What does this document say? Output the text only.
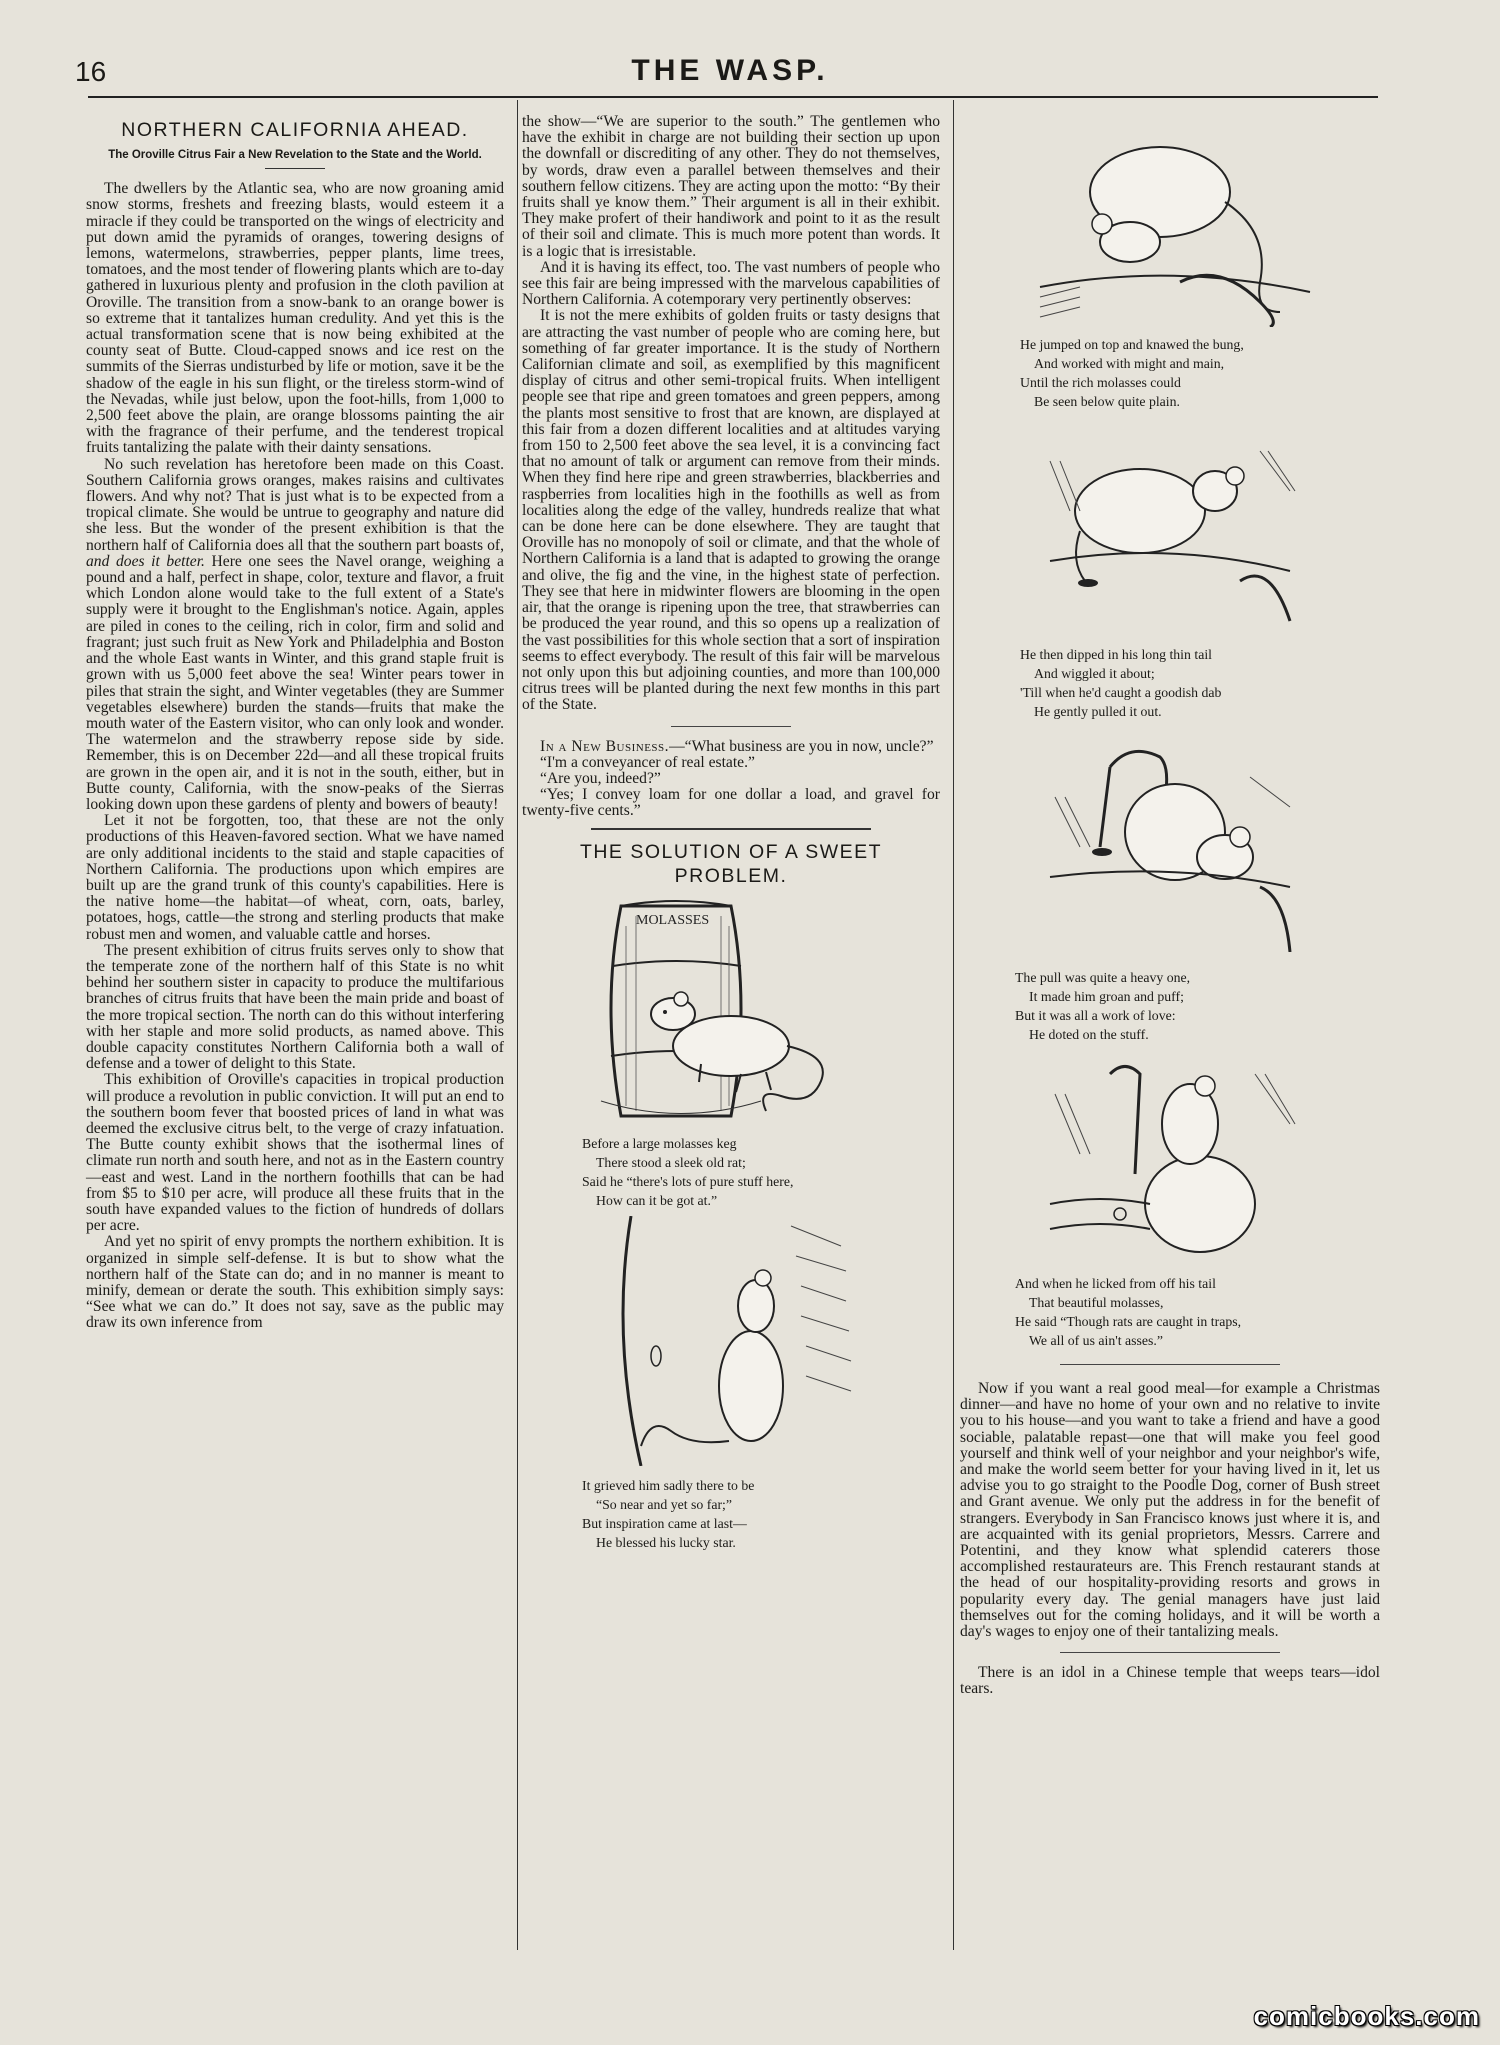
16	THE WASP.
NORTHERN CALIFORNIA AHEAD.
The Oroville Citrus Fair a New Revelation to the State and the World.

The dwellers by the Atlantic sea, who are now groaning amid snow storms, freshets and freezing blasts, would esteem it a miracle if they could be transported on the wings of electricity and put down amid the pyramids of oranges, towering designs of lemons, watermelons, strawberries, pepper plants, lime trees, tomatoes, and the most tender of flowering plants which are to-day gathered in luxurious plenty and profusion in the cloth pavilion at Oroville. The transition from a snow-bank to an orange bower is so extreme that it tantalizes human credulity. And yet this is the actual transformation scene that is now being exhibited at the county seat of Butte. Cloud-capped snows and ice rest on the summits of the Sierras undisturbed by life or motion, save it be the shadow of the eagle in his sun flight, or the tireless storm-wind of the Nevadas, while just below, upon the foot-hills, from 1,000 to 2,500 feet above the plain, are orange blossoms painting the air with the fragrance of their perfume, and the tenderest tropical fruits tantalizing the palate with their dainty sensations.

No such revelation has heretofore been made on this Coast. Southern California grows oranges, makes raisins and cultivates flowers. And why not? That is just what is to be expected from a tropical climate. She would be untrue to geography and nature did she less. But the wonder of the present exhibition is that the northern half of California does all that the southern part boasts of, and does it better. Here one sees the Navel orange, weighing a pound and a half, perfect in shape, color, texture and flavor, a fruit which London alone would take to the full extent of a State's supply were it brought to the Englishman's notice. Again, apples are piled in cones to the ceiling, rich in color, firm and solid and fragrant; just such fruit as New York and Philadelphia and Boston and the whole East wants in Winter, and this grand staple fruit is grown with us 5,000 feet above the sea! Winter pears tower in piles that strain the sight, and Winter vegetables (they are Summer vegetables elsewhere) burden the stands—fruits that make the mouth water of the Eastern visitor, who can only look and wonder. The watermelon and the strawberry repose side by side. Remember, this is on December 22d—and all these tropical fruits are grown in the open air, and it is not in the south, either, but in Butte county, California, with the snow-peaks of the Sierras looking down upon these gardens of plenty and bowers of beauty!

Let it not be forgotten, too, that these are not the only productions of this Heaven-favored section. What we have named are only additional incidents to the staid and staple capacities of Northern California. The productions upon which empires are built up are the grand trunk of this county's capabilities. Here is the native home—the habitat—of wheat, corn, oats, barley, potatoes, hogs, cattle—the strong and sterling products that make robust men and women, and valuable cattle and horses.

The present exhibition of citrus fruits serves only to show that the temperate zone of the northern half of this State is no whit behind her southern sister in capacity to produce the multifarious branches of citrus fruits that have been the main pride and boast of the more tropical section. The north can do this without interfering with her staple and more solid products, as named above. This double capacity constitutes Northern California both a wall of defense and a tower of delight to this State.

This exhibition of Oroville's capacities in tropical production will produce a revolution in public conviction. It will put an end to the southern boom fever that boosted prices of land in what was deemed the exclusive citrus belt, to the verge of crazy infatuation. The Butte county exhibit shows that the isothermal lines of climate run north and south here, and not as in the Eastern country—east and west. Land in the northern foothills that can be had from $5 to $10 per acre, will produce all these fruits that in the south have expanded values to the fiction of hundreds of dollars per acre.

And yet no spirit of envy prompts the northern exhibition. It is organized in simple self-defense. It is but to show what the northern half of the State can do; and in no manner is meant to minify, demean or derate the south. This exhibition simply says: “See what we can do.” It does not say, save as the public may draw its own inference from

the show—“We are superior to the south.” The gentlemen who have the exhibit in charge are not building their section up upon the downfall or discrediting of any other. They do not themselves, by words, draw even a parallel between themselves and their southern fellow citizens. They are acting upon the motto: “By their fruits shall ye know them.” Their argument is all in their exhibit. They make profert of their handiwork and point to it as the result of their soil and climate. This is much more potent than words. It is a logic that is irresistable.

And it is having its effect, too. The vast numbers of people who see this fair are being impressed with the marvelous capabilities of Northern California. A cotemporary very pertinently observes:

It is not the mere exhibits of golden fruits or tasty designs that are attracting the vast number of people who are coming here, but something of far greater importance. It is the study of Northern Californian climate and soil, as exemplified by this magnificent display of citrus and other semi-tropical fruits. When intelligent people see that ripe and green tomatoes and green peppers, among the plants most sensitive to frost that are known, are displayed at this fair from a dozen different localities and at altitudes varying from 150 to 2,500 feet above the sea level, it is a convincing fact that no amount of talk or argument can remove from their minds. When they find here ripe and green strawberries, blackberries and raspberries from localities high in the foothills as well as from localities along the edge of the valley, hundreds realize that what can be done here can be done elsewhere. They are taught that Oroville has no monopoly of soil or climate, and that the whole of Northern California is a land that is adapted to growing the orange and olive, the fig and the vine, in the highest state of perfection. They see that here in midwinter flowers are blooming in the open air, that the orange is ripening upon the tree, that strawberries can be produced the year round, and this so opens up a realization of the vast possibilities for this whole section that a sort of inspiration seems to effect everybody. The result of this fair will be marvelous not only upon this but adjoining counties, and more than 100,000 citrus trees will be planted during the next few months in this part of the State.

In a New Business.—“What business are you in now, uncle?”

“I'm a conveyancer of real estate.”

“Are you, indeed?”

“Yes; I convey loam for one dollar a load, and gravel for twenty-five cents.”

THE SOLUTION OF A SWEET PROBLEM.
MOLASSES
Before a large molasses keg
There stood a sleek old rat;
Said he “there's lots of pure stuff here,
How can it be got at.”
It grieved him sadly there to be
“So near and yet so far;”
But inspiration came at last—
He blessed his lucky star.
He jumped on top and knawed the bung,
And worked with might and main,
Until the rich molasses could
Be seen below quite plain.
He then dipped in his long thin tail
And wiggled it about;
'Till when he'd caught a goodish dab
He gently pulled it out.
The pull was quite a heavy one,
It made him groan and puff;
But it was all a work of love:
He doted on the stuff.
And when he licked from off his tail
That beautiful molasses,
He said “Though rats are caught in traps,
We all of us ain't asses.”

Now if you want a real good meal—for example a Christmas dinner—and have no home of your own and no relative to invite you to his house—and you want to take a friend and have a good sociable, palatable repast—one that will make you feel good yourself and think well of your neighbor and your neighbor's wife, and make the world seem better for your having lived in it, let us advise you to go straight to the Poodle Dog, corner of Bush street and Grant avenue. We only put the address in for the benefit of strangers. Everybody in San Francisco knows just where it is, and are acquainted with its genial proprietors, Messrs. Carrere and Potentini, and they know what splendid caterers those accomplished restaurateurs are. This French restaurant stands at the head of our hospitality-providing resorts and grows in popularity every day. The genial managers have just laid themselves out for the coming holidays, and it will be worth a day's wages to enjoy one of their tantalizing meals.

There is an idol in a Chinese temple that weeps tears—idol tears.

comicbooks.com
